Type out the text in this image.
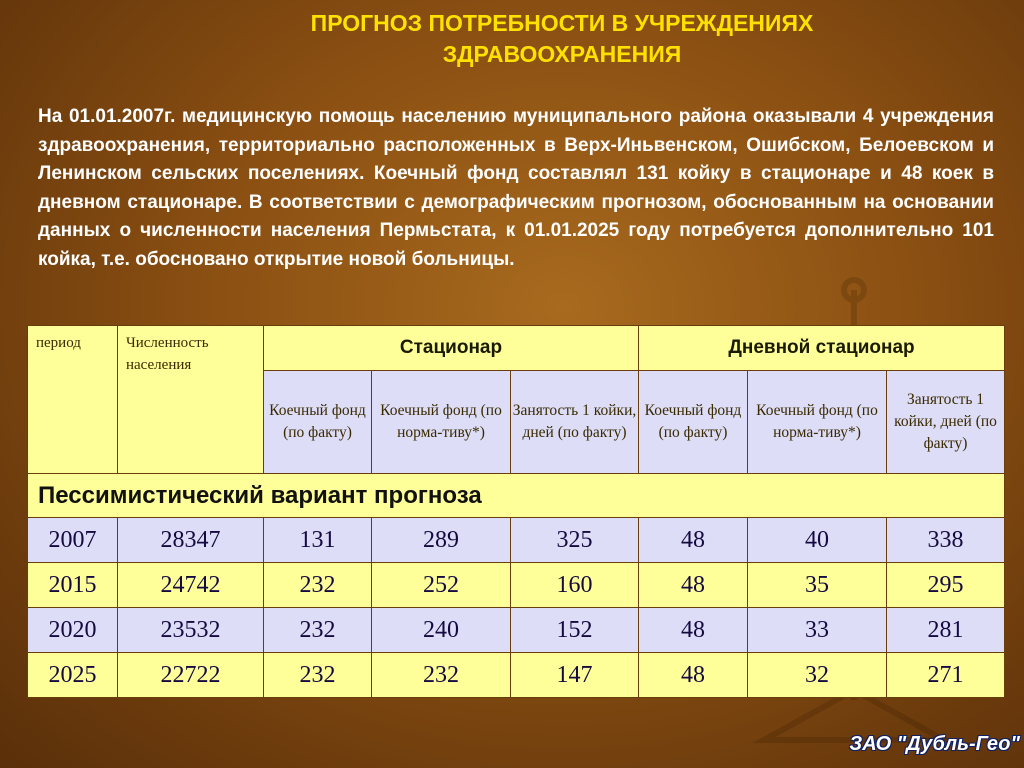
ПРОГНОЗ ПОТРЕБНОСТИ В УЧРЕЖДЕНИЯХ
ЗДРАВООХРАНЕНИЯ
На 01.01.2007г. медицинскую помощь населению муниципального района оказывали 4 учреждения здравоохранения, территориально расположенных в Верх-Иньвенском, Ошибском, Белоевском и Ленинском сельских поселениях. Коечный фонд составлял 131 койку в стационаре и 48 коек в дневном стационаре. В соответствии с демографическим прогнозом, обоснованным на основании данных о численности населения Пермьстата, к 01.01.2025 году потребуется дополнительно 101 койка, т.е. обосновано открытие новой больницы.
период	Численность населения	Стационар			Дневной стационар		
		Коечный фонд (по факту)	Коечный фонд (по норма-тиву*)	Занятость 1 койки, дней (по факту)	Коечный фонд (по факту)	Коечный фонд (по норма-тиву*)	Занятость 1 койки, дней (по факту)
Пессимистический вариант прогноза							
2007	28347	131	289	325	48	40	338
2015	24742	232	252	160	48	35	295
2020	23532	232	240	152	48	33	281
2025	22722	232	232	147	48	32	271
ЗАО "Дубль-Гео"
